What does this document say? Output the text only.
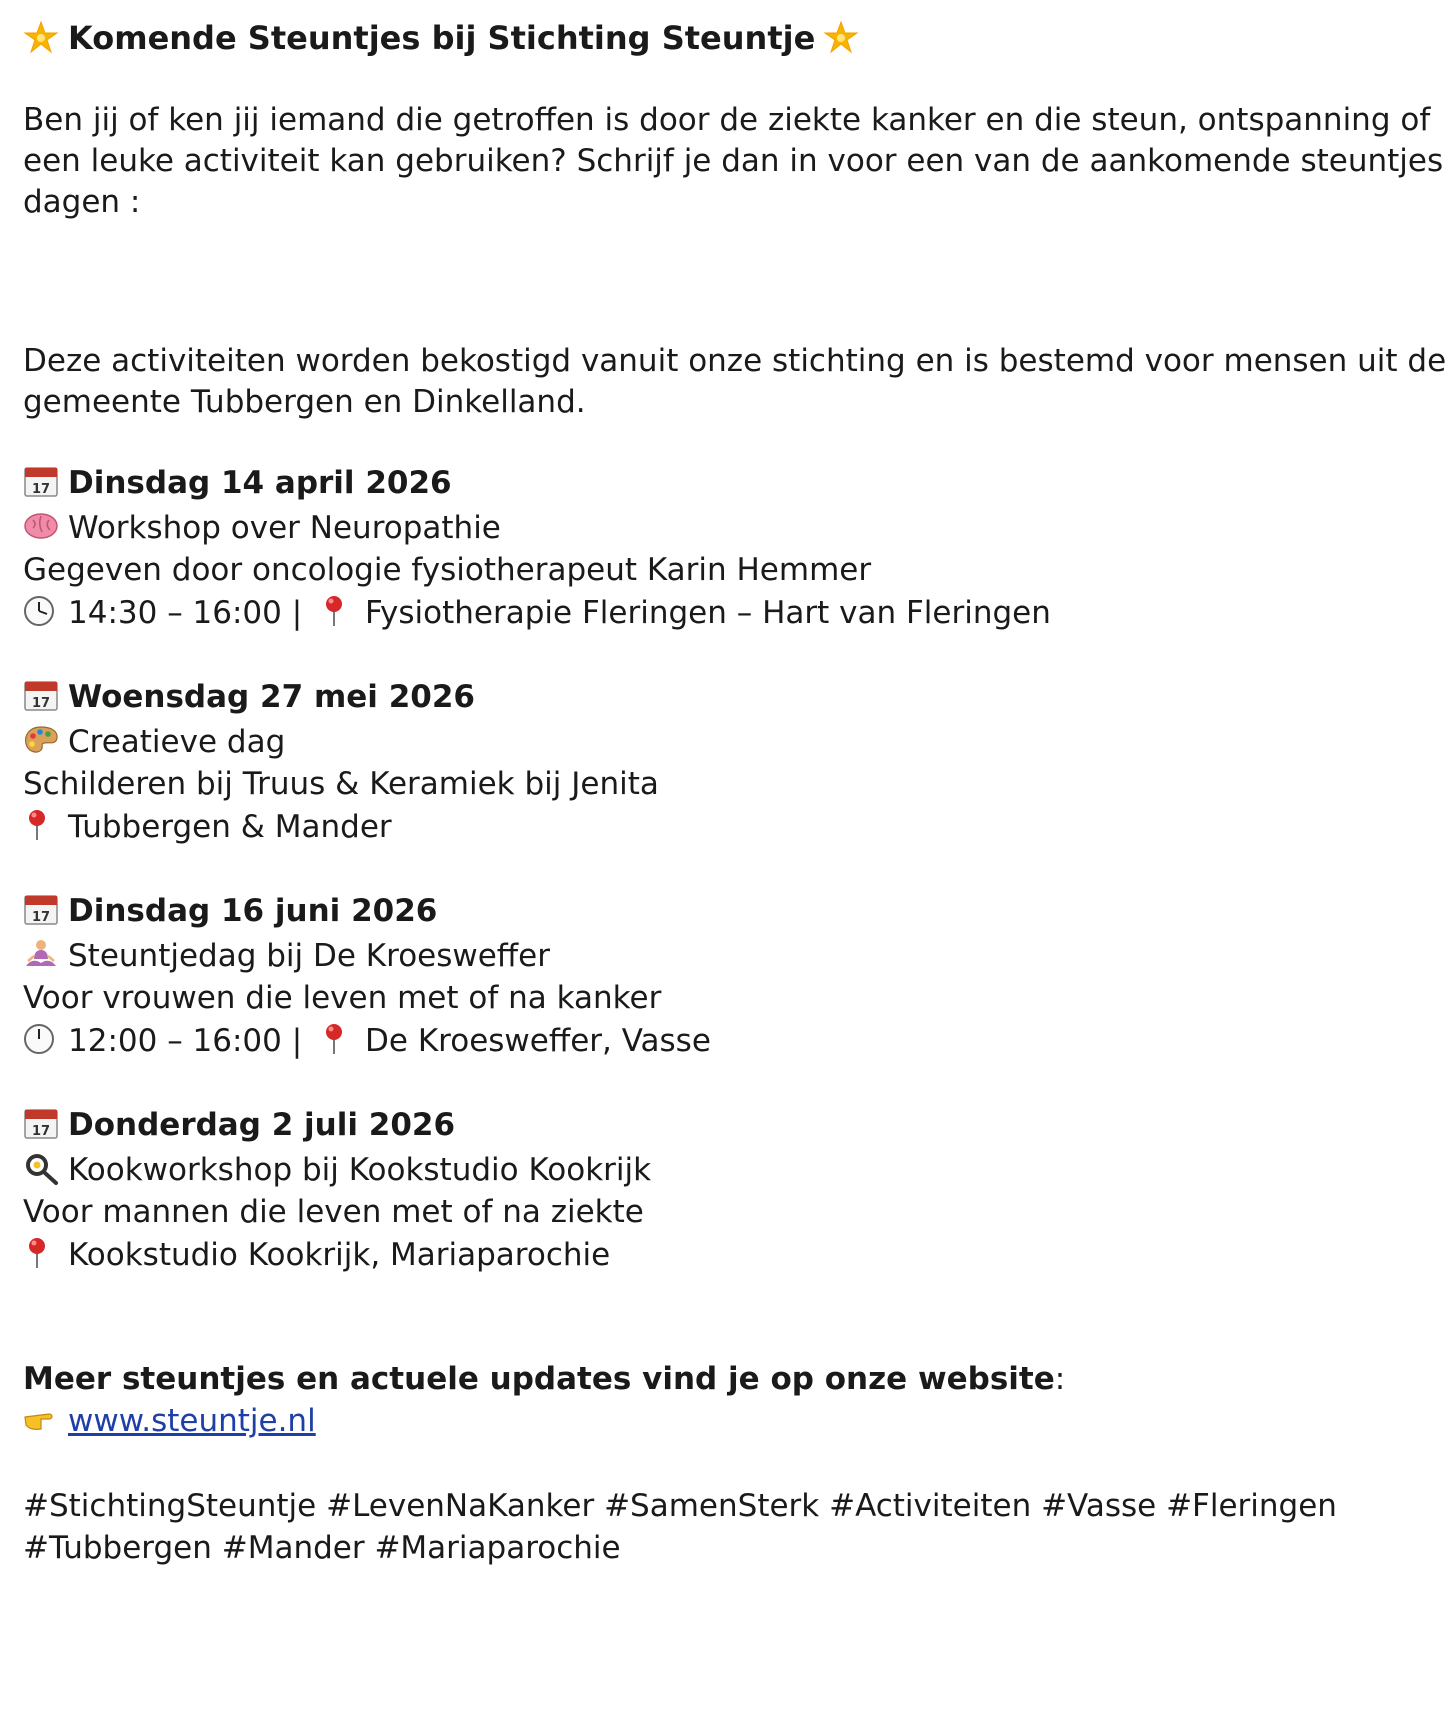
Komende Steuntjes bij Stichting Steuntje
Ben jij of ken jij iemand die getroffen is door de ziekte kanker en die steun, ontspanning of
een leuke activiteit kan gebruiken? Schrijf je dan in voor een van de aankomende steuntjes
dagen :
Deze activiteiten worden bekostigd vanuit onze stichting en is bestemd voor mensen uit de
gemeente Tubbergen en Dinkelland.
17 Dinsdag 14 april 2026
Workshop over Neuropathie
Gegeven door oncologie fysiotherapeut Karin Hemmer
14:30 – 16:00 | Fysiotherapie Fleringen – Hart van Fleringen
17 Woensdag 27 mei 2026
Creatieve dag
Schilderen bij Truus & Keramiek bij Jenita
Tubbergen & Mander
17 Dinsdag 16 juni 2026
Steuntjedag bij De Kroesweffer
Voor vrouwen die leven met of na kanker
12:00 – 16:00 | De Kroesweffer, Vasse
17 Donderdag 2 juli 2026
Kookworkshop bij Kookstudio Kookrijk
Voor mannen die leven met of na ziekte
Kookstudio Kookrijk, Mariaparochie
Meer steuntjes en actuele updates vind je op onze website:
www.steuntje.nl
#StichtingSteuntje #LevenNaKanker #SamenSterk #Activiteiten #Vasse #Fleringen
#Tubbergen #Mander #Mariaparochie
